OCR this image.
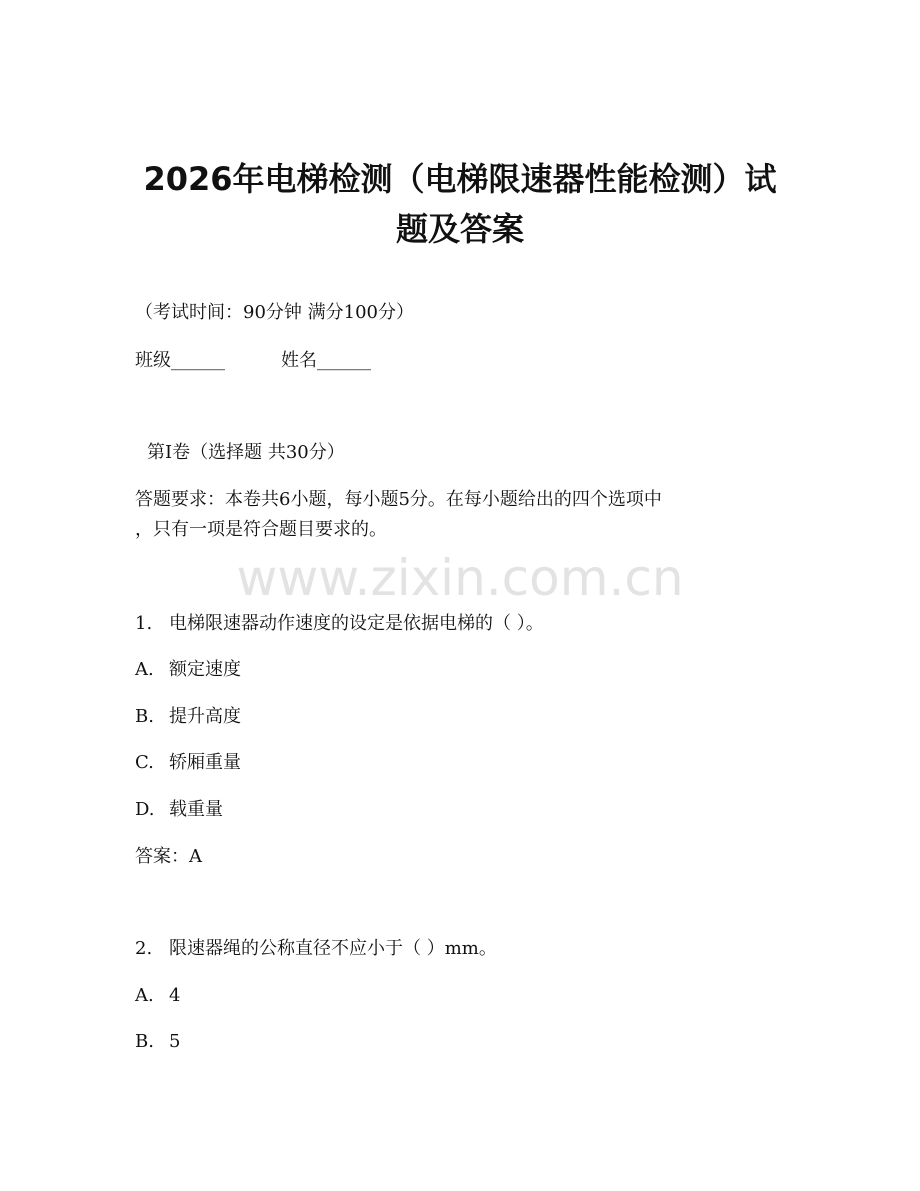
2026年电梯检测（电梯限速器性能检测）试
题及答案
（考试时间：90分钟 满分100分）
班级______	姓名______
第I卷（选择题 共30分）
答题要求：本卷共6小题，每小题5分。在每小题给出的四个选项中
，只有一项是符合题目要求的。
www.zixin.com.cn
1. 电梯限速器动作速度的设定是依据电梯的（ ）。
A. 额定速度
B. 提升高度
C. 轿厢重量
D. 载重量
答案：A
2. 限速器绳的公称直径不应小于（ ）mm。
A. 4
B. 5
